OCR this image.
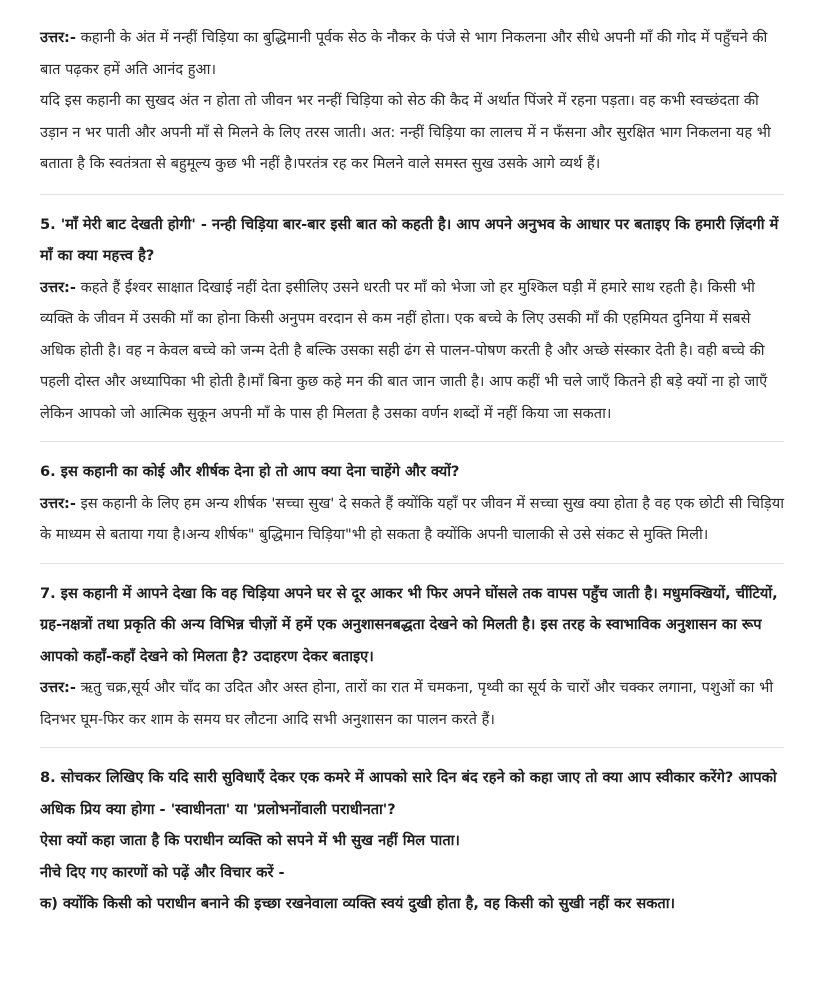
उत्तर:- कहानी के अंत में नन्हीं चिड़िया का बुद्धिमानी पूर्वक सेठ के नौकर के पंजे से भाग निकलना और सीधे अपनी माँ की गोद में पहुँचने की बात पढ़कर हमें अति आनंद हुआ।

यदि इस कहानी का सुखद अंत न होता तो जीवन भर नन्हीं चिड़िया को सेठ की कैद में अर्थात पिंजरे में रहना पड़ता। वह कभी स्वच्छंदता की उड़ान न भर पाती और अपनी माँ से मिलने के लिए तरस जाती। अत: नन्हीं चिड़िया का लालच में न फँसना और सुरक्षित भाग निकलना यह भी बताता है कि स्वतंत्रता से बहुमूल्य कुछ भी नहीं है।परतंत्र रह कर मिलने वाले समस्त सुख उसके आगे व्यर्थ हैं।

5. 'माँ मेरी बाट देखती होगी' - नन्ही चिड़िया बार-बार इसी बात को कहती है। आप अपने अनुभव के आधार पर बताइए कि हमारी ज़िंदगी में माँ का क्या महत्त्व है?

उत्तर:- कहते हैं ईश्वर साक्षात दिखाई नहीं देता इसीलिए उसने धरती पर माँ को भेजा जो हर मुश्किल घड़ी में हमारे साथ रहती है। किसी भी व्यक्ति के जीवन में उसकी माँ का होना किसी अनुपम वरदान से कम नहीं होता। एक बच्चे के लिए उसकी माँ की एहमियत दुनिया में सबसे अधिक होती है। वह न केवल बच्चे को जन्म देती है बल्कि उसका सही ढंग से पालन-पोषण करती है और अच्छे संस्कार देती है। वही बच्चे की पहली दोस्त और अध्यापिका भी होती है।माँ बिना कुछ कहे मन की बात जान जाती है। आप कहीं भी चले जाएँ कितने ही बड़े क्यों ना हो जाएँ लेकिन आपको जो आत्मिक सुकून अपनी माँ के पास ही मिलता है उसका वर्णन शब्दों में नहीं किया जा सकता।

6. इस कहानी का कोई और शीर्षक देना हो तो आप क्या देना चाहेंगे और क्यों?

उत्तर:- इस कहानी के लिए हम अन्य शीर्षक 'सच्चा सुख' दे सकते हैं क्योंकि यहाँ पर जीवन में सच्चा सुख क्या होता है वह एक छोटी सी चिड़िया के माध्यम से बताया गया है।अन्य शीर्षक" बुद्धिमान चिड़िया"भी हो सकता है क्योंकि अपनी चालाकी से उसे संकट से मुक्ति मिली।

7. इस कहानी में आपने देखा कि वह चिड़िया अपने घर से दूर आकर भी फिर अपने घोंसले तक वापस पहुँच जाती है। मधुमक्खियों, चींटियों, ग्रह-नक्षत्रों तथा प्रकृति की अन्य विभिन्न चीज़ों में हमें एक अनुशासनबद्धता देखने को मिलती है। इस तरह के स्वाभाविक अनुशासन का रूप आपको कहाँ-कहाँ देखने को मिलता है? उदाहरण देकर बताइए।

उत्तर:- ऋतु चक्र,सूर्य और चाँद का उदित और अस्त होना, तारों का रात में चमकना, पृथ्वी का सूर्य के चारों और चक्कर लगाना, पशुओं का भी दिनभर घूम-फिर कर शाम के समय घर लौटना आदि सभी अनुशासन का पालन करते हैं।

8. सोचकर लिखिए कि यदि सारी सुविधाएँ देकर एक कमरे में आपको सारे दिन बंद रहने को कहा जाए तो क्या आप स्वीकार करेंगे? आपको अधिक प्रिय क्या होगा - 'स्वाधीनता' या 'प्रलोभनोंवाली पराधीनता'?

ऐसा क्यों कहा जाता है कि पराधीन व्यक्ति को सपने में भी सुख नहीं मिल पाता।

नीचे दिए गए कारणों को पढ़ें और विचार करें -

क) क्योंकि किसी को पराधीन बनाने की इच्छा रखनेवाला व्यक्ति स्वयं दुखी होता है, वह किसी को सुखी नहीं कर सकता।
